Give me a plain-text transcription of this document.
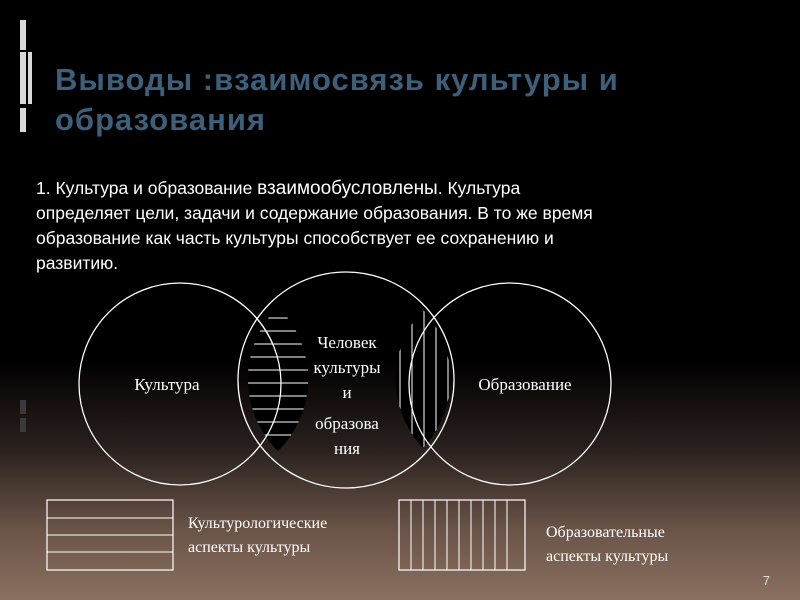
Выводы :взаимосвязь культуры и
образования
1. Культура и образование взаимообусловлены. Культура
определяет цели, задачи и содержание образования. В то же время
образование как часть культуры способствует ее сохранению и
развитию.
Культура	Образование
Человек
культуры
и
образова
ния
Культурологические
аспекты культуры
Образовательные
аспекты культуры
7
